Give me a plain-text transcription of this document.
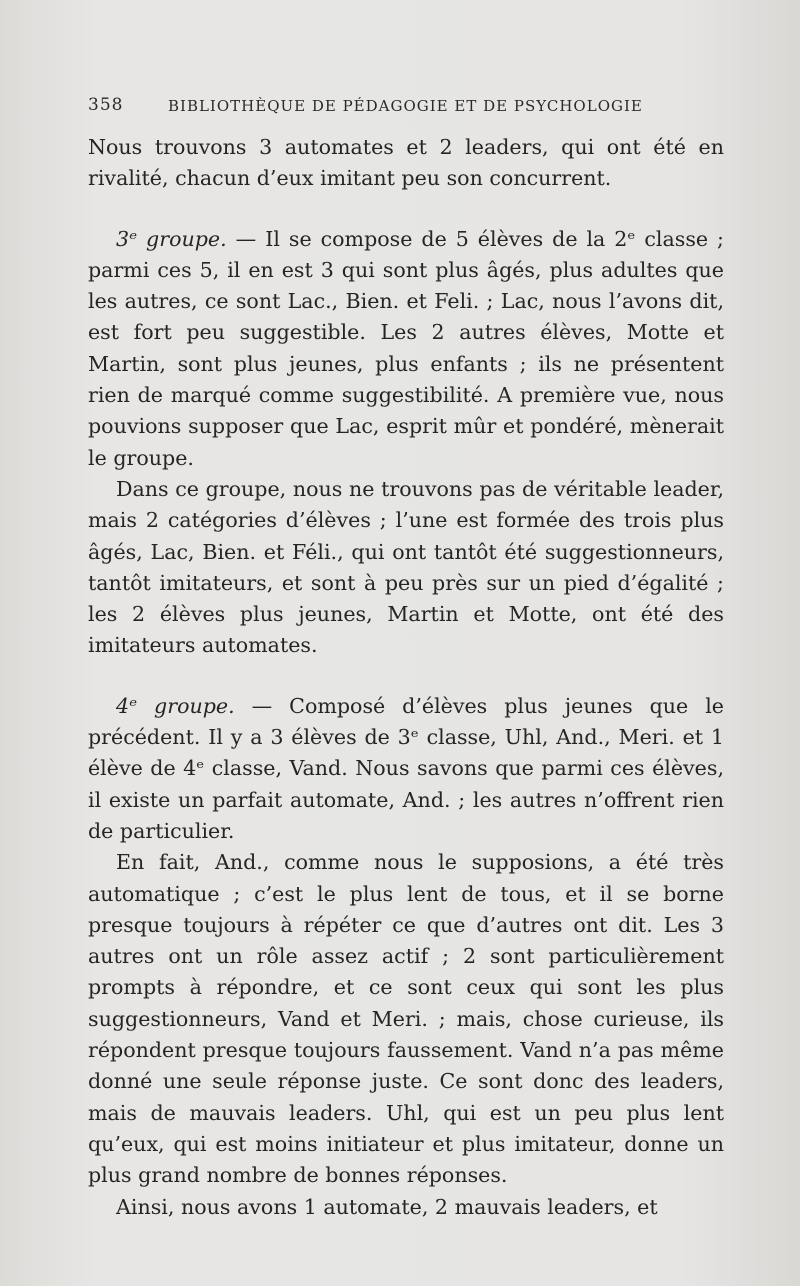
358	BIBLIOTHÈQUE DE PÉDAGOGIE ET DE PSYCHOLOGIE

Nous trouvons 3 automates et 2 leaders, qui ont été en rivalité, chacun d’eux imitant peu son concurrent.

3ᵉ groupe. — Il se compose de 5 élèves de la 2ᵉ classe ; parmi ces 5, il en est 3 qui sont plus âgés, plus adultes que les autres, ce sont Lac., Bien. et Feli. ; Lac, nous l’avons dit, est fort peu suggestible. Les 2 autres élèves, Motte et Martin, sont plus jeunes, plus enfants ; ils ne présentent rien de marqué comme suggestibilité. A première vue, nous pouvions supposer que Lac, esprit mûr et pondéré, mènerait le groupe.

Dans ce groupe, nous ne trouvons pas de véritable leader, mais 2 catégories d’élèves ; l’une est formée des trois plus âgés, Lac, Bien. et Féli., qui ont tantôt été suggestionneurs, tantôt imitateurs, et sont à peu près sur un pied d’égalité ; les 2 élèves plus jeunes, Martin et Motte, ont été des imitateurs automates.

4ᵉ groupe. — Composé d’élèves plus jeunes que le précédent. Il y a 3 élèves de 3ᵉ classe, Uhl, And., Meri. et 1 élève de 4ᵉ classe, Vand. Nous savons que parmi ces élèves, il existe un parfait automate, And. ; les autres n’offrent rien de particulier.

En fait, And., comme nous le supposions, a été très automatique ; c’est le plus lent de tous, et il se borne presque toujours à répéter ce que d’autres ont dit. Les 3 autres ont un rôle assez actif ; 2 sont particulièrement prompts à répondre, et ce sont ceux qui sont les plus suggestionneurs, Vand et Meri. ; mais, chose curieuse, ils répondent presque toujours faussement. Vand n’a pas même donné une seule réponse juste. Ce sont donc des leaders, mais de mauvais leaders. Uhl, qui est un peu plus lent qu’eux, qui est moins initiateur et plus imitateur, donne un plus grand nombre de bonnes réponses.

Ainsi, nous avons 1 automate, 2 mauvais leaders, et
